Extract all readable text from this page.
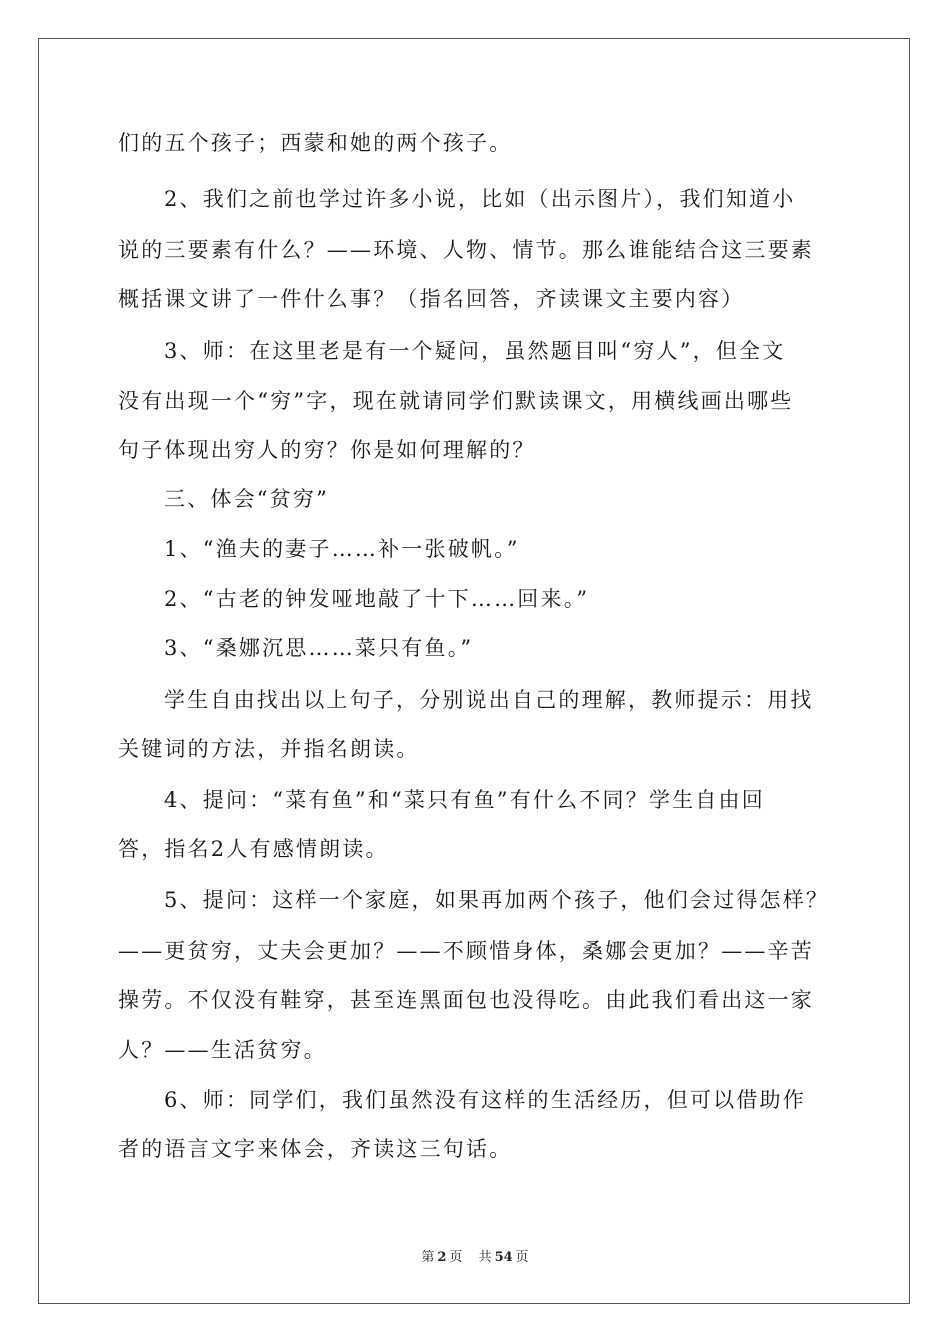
们的五个孩子；西蒙和她的两个孩子。
2、我们之前也学过许多小说，比如（出示图片），我们知道小
说的三要素有什么？——环境、人物、情节。那么谁能结合这三要素
概括课文讲了一件什么事？（指名回答，齐读课文主要内容）
3、师：在这里老是有一个疑问，虽然题目叫“穷人”，但全文
没有出现一个“穷”字，现在就请同学们默读课文，用横线画出哪些
句子体现出穷人的穷？你是如何理解的？
三、体会“贫穷”
1、“渔夫的妻子……补一张破帆。”
2、“古老的钟发哑地敲了十下……回来。”
3、“桑娜沉思……菜只有鱼。”
学生自由找出以上句子，分别说出自己的理解，教师提示：用找
关键词的方法，并指名朗读。
4、提问：“菜有鱼”和“菜只有鱼”有什么不同？学生自由回
答，指名2人有感情朗读。
5、提问：这样一个家庭，如果再加两个孩子，他们会过得怎样？
——更贫穷，丈夫会更加？——不顾惜身体，桑娜会更加？——辛苦
操劳。不仅没有鞋穿，甚至连黑面包也没得吃。由此我们看出这一家
人？——生活贫穷。
6、师：同学们，我们虽然没有这样的生活经历，但可以借助作
者的语言文字来体会，齐读这三句话。
第 2 页 共 54 页
